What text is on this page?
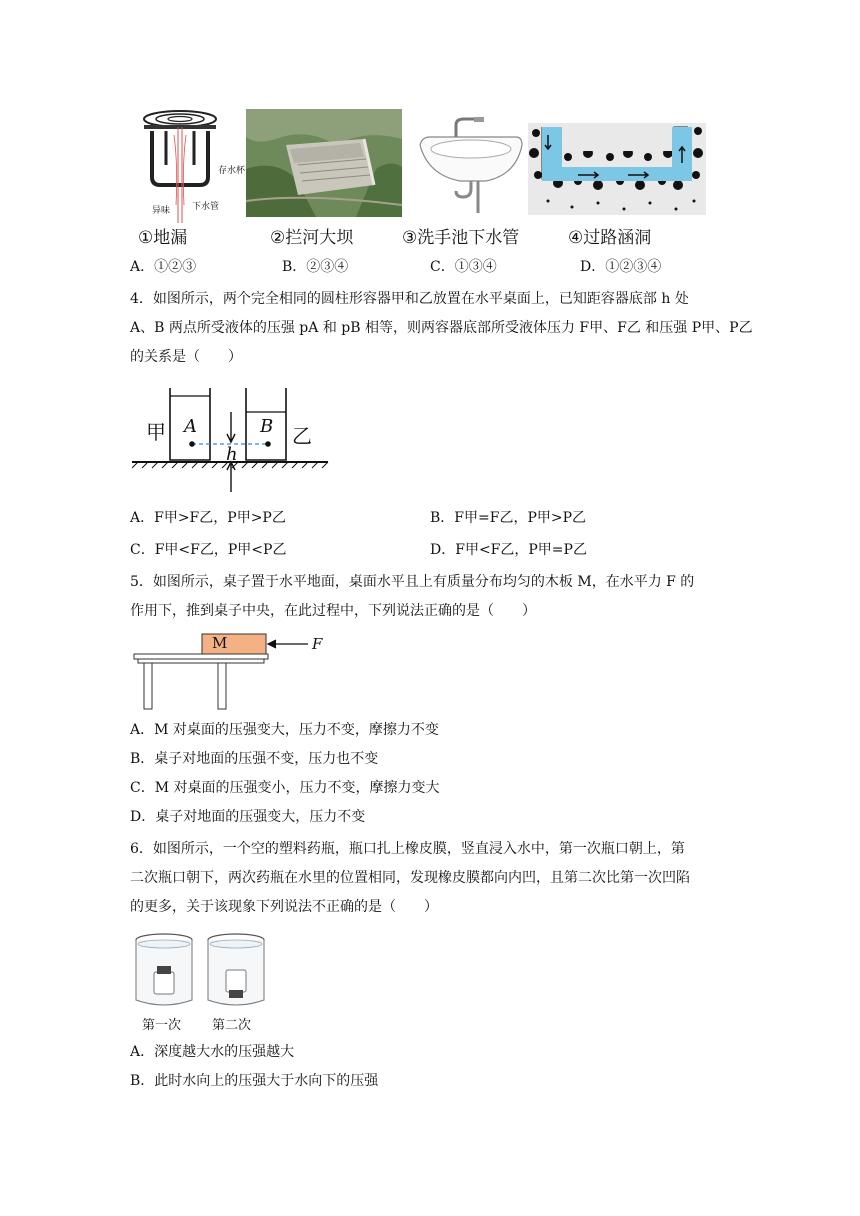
存水杯
异味 下水管
①地漏	②拦河大坝	③洗手池下水管	④过路涵洞
A．①②③	B．②③④	C．①③④	D．①②③④
4．如图所示，两个完全相同的圆柱形容器甲和乙放置在水平桌面上，已知距容器底部 h 处
A、B 两点所受液体的压强 pA 和 pB 相等，则两容器底部所受液体压力 F甲、F乙 和压强 P甲、P乙
的关系是（　　）
甲	乙
A	B
h
A．F甲>F乙，P甲>P乙	B．F甲=F乙，P甲>P乙
C．F甲<F乙，P甲<P乙	D．F甲<F乙，P甲=P乙
5．如图所示，桌子置于水平地面，桌面水平且上有质量分布均匀的木板 M，在水平力 F 的
作用下，推到桌子中央，在此过程中，下列说法正确的是（　　）
M	F
A．M 对桌面的压强变大，压力不变，摩擦力不变
B．桌子对地面的压强不变，压力也不变
C．M 对桌面的压强变小，压力不变，摩擦力变大
D．桌子对地面的压强变大，压力不变
6．如图所示，一个空的塑料药瓶，瓶口扎上橡皮膜，竖直浸入水中，第一次瓶口朝上，第
二次瓶口朝下，两次药瓶在水里的位置相同，发现橡皮膜都向内凹，且第二次比第一次凹陷
的更多，关于该现象下列说法不正确的是（　　）
第一次 第二次
A．深度越大水的压强越大
B．此时水向上的压强大于水向下的压强
